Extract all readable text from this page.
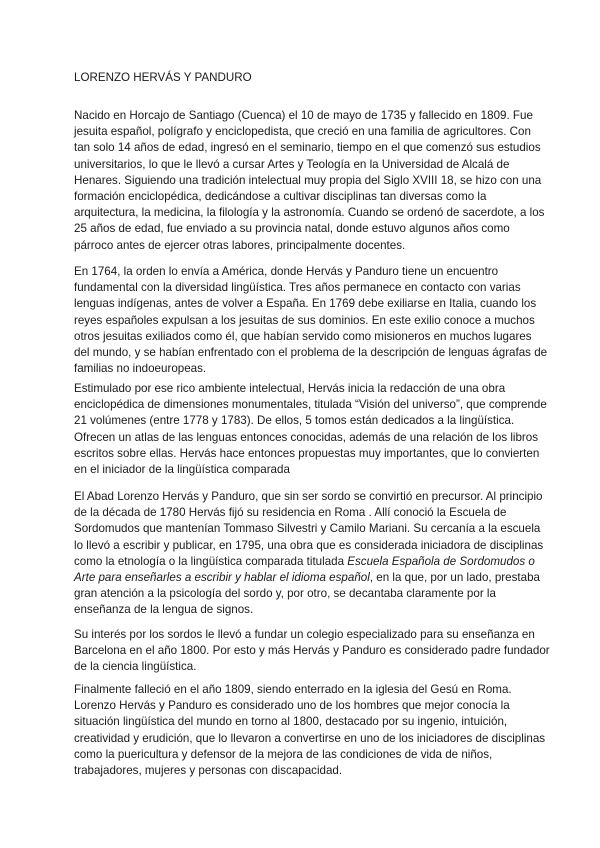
LORENZO HERVÁS Y PANDURO

Nacido en Horcajo de Santiago (Cuenca) el 10 de mayo de 1735 y fallecido en 1809. Fue
jesuita español, polígrafo y enciclopedista, que creció en una familia de agricultores. Con
tan solo 14 años de edad, ingresó en el seminario, tiempo en el que comenzó sus estudios
universitarios, lo que le llevó a cursar Artes y Teología en la Universidad de Alcalá de
Henares. Siguiendo una tradición intelectual muy propia del Siglo XVIII 18, se hizo con una
formación enciclopédica, dedicándose a cultivar disciplinas tan diversas como la
arquitectura, la medicina, la filología y la astronomía. Cuando se ordenó de sacerdote, a los
25 años de edad, fue enviado a su provincia natal, donde estuvo algunos años como
párroco antes de ejercer otras labores, principalmente docentes.

En 1764, la orden lo envía a América, donde Hervás y Panduro tiene un encuentro
fundamental con la diversidad lingüística. Tres años permanece en contacto con varias
lenguas indígenas, antes de volver a España. En 1769 debe exiliarse en Italia, cuando los
reyes españoles expulsan a los jesuitas de sus dominios. En este exilio conoce a muchos
otros jesuitas exiliados como él, que habían servido como misioneros en muchos lugares
del mundo, y se habían enfrentado con el problema de la descripción de lenguas ágrafas de
familias no indoeuropeas.

Estimulado por ese rico ambiente intelectual, Hervás inicia la redacción de una obra
enciclopédica de dimensiones monumentales, titulada “Visión del universo”, que comprende
21 volúmenes (entre 1778 y 1783). De ellos, 5 tomos están dedicados a la lingüística.
Ofrecen un atlas de las lenguas entonces conocidas, además de una relación de los libros
escritos sobre ellas. Hervás hace entonces propuestas muy importantes, que lo convierten
en el iniciador de la lingüística comparada

El Abad Lorenzo Hervás y Panduro, que sin ser sordo se convirtió en precursor. Al principio
de la década de 1780 Hervás fijó su residencia en Roma . Allí conoció la Escuela de
Sordomudos que mantenían Tommaso Silvestri y Camilo Mariani. Su cercanía a la escuela
lo llevó a escribir y publicar, en 1795, una obra que es considerada iniciadora de disciplinas
como la etnología o la lingüística comparada titulada Escuela Española de Sordomudos o
Arte para enseñarles a escribir y hablar el idioma español, en la que, por un lado, prestaba
gran atención a la psicología del sordo y, por otro, se decantaba claramente por la
enseñanza de la lengua de signos.

Su interés por los sordos le llevó a fundar un colegio especializado para su enseñanza en
Barcelona en el año 1800. Por esto y más Hervás y Panduro es considerado padre fundador
de la ciencia lingüística.

Finalmente falleció en el año 1809, siendo enterrado en la iglesia del Gesú en Roma.
Lorenzo Hervás y Panduro es considerado uno de los hombres que mejor conocía la
situación lingüística del mundo en torno al 1800, destacado por su ingenio, intuición,
creatividad y erudición, que lo llevaron a convertirse en uno de los iniciadores de disciplinas
como la puericultura y defensor de la mejora de las condiciones de vida de niños,
trabajadores, mujeres y personas con discapacidad.
